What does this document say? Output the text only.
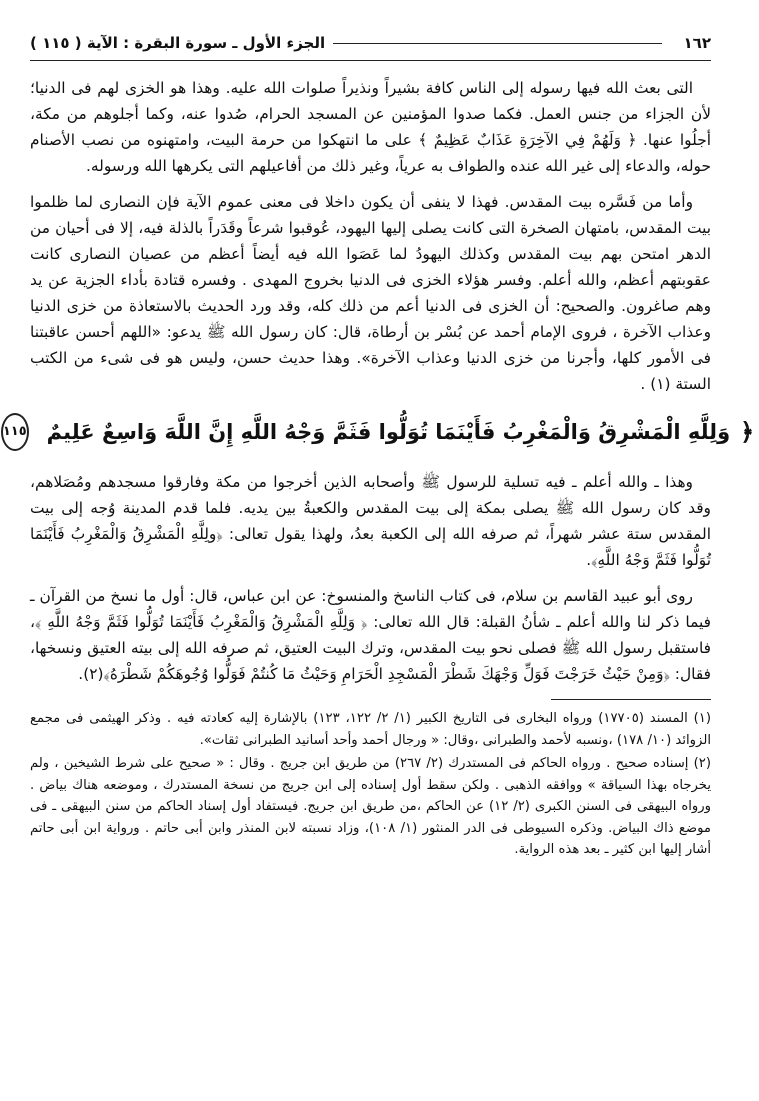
١٦٢
الجزء الأول ـ سورة البقرة : الآية ( ١١٥ )

التى بعث الله فيها رسوله إلى الناس كافة بشيراً ونذيراً صلوات الله عليه. وهذا هو الخزى لهم فى الدنيا؛ لأن الجزاء من جنس العمل. فكما صدوا المؤمنين عن المسجد الحرام، صُدوا عنه، وكما أجلوهم من مكة، أجلُوا عنها. ﴿ وَلَهُمْ فِي الآخِرَةِ عَذَابٌ عَظِيمٌ ﴾ على ما انتهكوا من حرمة البيت، وامتهنوه من نصب الأصنام حوله، والدعاء إلى غير الله عنده والطواف به عرياً، وغير ذلك من أفاعيلهم التى يكرهها الله ورسوله.

وأما من فَسَّره بيت المقدس. فهذا لا ينفى أن يكون داخلا فى معنى عموم الآية فإن النصارى لما ظلموا بيت المقدس، بامتهان الصخرة التى كانت يصلى إليها اليهود، عُوقبوا شرعاً وقَدَراً بالذلة فيه، إلا فى أحيان من الدهر امتحن بهم بيت المقدس وكذلك اليهودُ لما عَصَوا الله فيه أيضاً أعظم من عصيان النصارى كانت عقوبتهم أعظم، والله أعلم. وفسر هؤلاء الخزى فى الدنيا بخروج المهدى . وفسره قتادة بأداء الجزية عن يد وهم صاغرون. والصحيح: أن الخزى فى الدنيا أعم من ذلك كله، وقد ورد الحديث بالاستعاذة من خزى الدنيا وعذاب الآخرة ، فروى الإمام أحمد عن بُسْر بن أرطاة، قال: كان رسول الله ﷺ يدعو: «اللهم أحسن عاقبتنا فى الأمور كلها، وأجرنا من خزى الدنيا وعذاب الآخرة». وهذا حديث حسن، وليس هو فى شىء من الكتب الستة (١) .

﴿
وَلِلَّهِ الْمَشْرِقُ وَالْمَغْرِبُ فَأَيْنَمَا تُوَلُّوا فَثَمَّ وَجْهُ اللَّهِ إِنَّ اللَّهَ وَاسِعٌ عَلِيمٌ
١١٥

وهذا ـ والله أعلم ـ فيه تسلية للرسول ﷺ وأصحابه الذين أخرجوا من مكة وفارقوا مسجدهم ومُصَلاهم، وقد كان رسول الله ﷺ يصلى بمكة إلى بيت المقدس والكعبةُ بين يديه. فلما قدم المدينة وُجه إلى بيت المقدس ستة عشر شهراً، ثم صرفه الله إلى الكعبة بعدُ، ولهذا يقول تعالى: ﴿ولِلَّهِ الْمَشْرِقُ وَالْمَغْرِبُ فَأَيْنَمَا تُوَلُّوا فَثَمَّ وَجْهُ اللَّهِ﴾.

روى أبو عبيد القاسم بن سلام، فى كتاب الناسخ والمنسوخ: عن ابن عباس، قال: أول ما نسخ من القرآن ـ فيما ذكر لنا والله أعلم ـ شأنُ القبلة: قال الله تعالى: ﴿ وَلِلَّهِ الْمَشْرِقُ وَالْمَغْرِبُ فَأَيْنَمَا تُوَلُّوا فَثَمَّ وَجْهُ اللَّهِ ﴾، فاستقبل رسول الله ﷺ فصلى نحو بيت المقدس، وترك البيت العتيق، ثم صرفه الله إلى بيته العتيق ونسخها، فقال: ﴿وَمِنْ حَيْثُ خَرَجْتَ فَوَلِّ وَجْهَكَ شَطْرَ الْمَسْجِدِ الْحَرَامِ وَحَيْثُ مَا كُنتُمْ فَوَلُّوا وُجُوهَكُمْ شَطْرَهُ﴾(٢).

(١) المسند (١٧٧٠٥) ورواه البخارى فى التاريخ الكبير (١/ ٢/ ١٢٢، ١٢٣) بالإشارة إليه كعادته فيه . وذكر الهيثمى فى مجمع الزوائد (١٠/ ١٧٨) ،ونسبه لأحمد والطبرانى ،وقال: « ورجال أحمد وأحد أسانيد الطبرانى ثقات».

(٢) إسناده صحيح . ورواه الحاكم فى المستدرك (٢/ ٢٦٧) من طريق ابن جريج . وقال : « صحيح على شرط الشيخين ، ولم يخرجاه بهذا السياقة » ووافقه الذهبى . ولكن سقط أول إسناده إلى ابن جريج من نسخة المستدرك ، وموضعه هناك بياض . ورواه البيهقى فى السنن الكبرى (٢/ ١٢) عن الحاكم ،من طريق ابن جريج. فيستفاد أول إسناد الحاكم من سنن البيهقى ـ فى موضع ذاك البياض. وذكره السيوطى فى الدر المنثور (١/ ١٠٨)، وزاد نسبته لابن المنذر وابن أبى حاتم . ورواية ابن أبى حاتم أشار إليها ابن كثير ـ بعد هذه الرواية.
